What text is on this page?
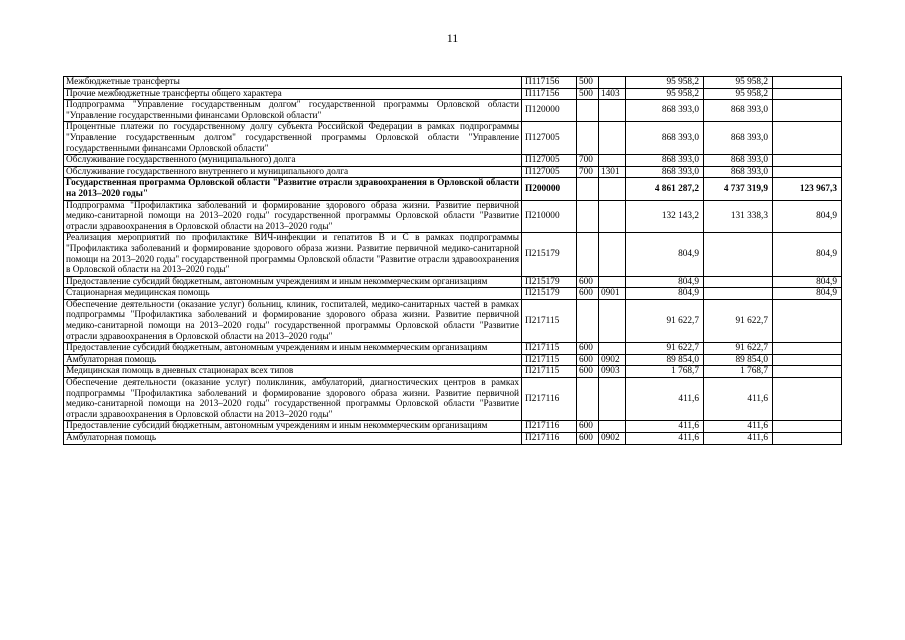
11
Межбюджетные трансферты	П117156	500		95 958,2	95 958,2	
Прочие межбюджетные трансферты общего характера	П117156	500	1403	95 958,2	95 958,2	
Подпрограмма "Управление государственным долгом" государственной программы Орловской области "Управление государственными финансами Орловской области"	П120000			868 393,0	868 393,0	
Процентные платежи по государственному долгу субъекта Российской Федерации в рамках подпрограммы "Управление государственным долгом" государственной программы Орловской области "Управление государственными финансами Орловской области"	П127005			868 393,0	868 393,0	
Обслуживание государственного (муниципального) долга	П127005	700		868 393,0	868 393,0	
Обслуживание государственного внутреннего и муниципального долга	П127005	700	1301	868 393,0	868 393,0	
Государственная программа Орловской области "Развитие отрасли здравоохранения в Орловской области на 2013–2020 годы"	П200000			4 861 287,2	4 737 319,9	123 967,3
Подпрограмма "Профилактика заболеваний и формирование здорового образа жизни. Развитие первичной медико-санитарной помощи на 2013–2020 годы" государственной программы Орловской области "Развитие отрасли здравоохранения в Орловской области на 2013–2020 годы"	П210000			132 143,2	131 338,3	804,9
Реализация мероприятий по профилактике ВИЧ-инфекции и гепатитов B и C в рамках подпрограммы "Профилактика заболеваний и формирование здорового образа жизни. Развитие первичной медико-санитарной помощи на 2013–2020 годы" государственной программы Орловской области "Развитие отрасли здравоохранения в Орловской области на 2013–2020 годы"	П215179			804,9		804,9
Предоставление субсидий бюджетным, автономным учреждениям и иным некоммерческим организациям	П215179	600		804,9		804,9
Стационарная медицинская помощь	П215179	600	0901	804,9		804,9
Обеспечение деятельности (оказание услуг) больниц, клиник, госпиталей, медико-санитарных частей в рамках подпрограммы "Профилактика заболеваний и формирование здорового образа жизни. Развитие первичной медико-санитарной помощи на 2013–2020 годы" государственной программы Орловской области "Развитие отрасли здравоохранения в Орловской области на 2013–2020 годы"	П217115			91 622,7	91 622,7	
Предоставление субсидий бюджетным, автономным учреждениям и иным некоммерческим организациям	П217115	600		91 622,7	91 622,7	
Амбулаторная помощь	П217115	600	0902	89 854,0	89 854,0	
Медицинская помощь в дневных стационарах всех типов	П217115	600	0903	1 768,7	1 768,7	
Обеспечение деятельности (оказание услуг) поликлиник, амбулаторий, диагностических центров в рамках подпрограммы "Профилактика заболеваний и формирование здорового образа жизни. Развитие первичной медико-санитарной помощи на 2013–2020 годы" государственной программы Орловской области "Развитие отрасли здравоохранения в Орловской области на 2013–2020 годы"	П217116			411,6	411,6	
Предоставление субсидий бюджетным, автономным учреждениям и иным некоммерческим организациям	П217116	600		411,6	411,6	
Амбулаторная помощь	П217116	600	0902	411,6	411,6	
